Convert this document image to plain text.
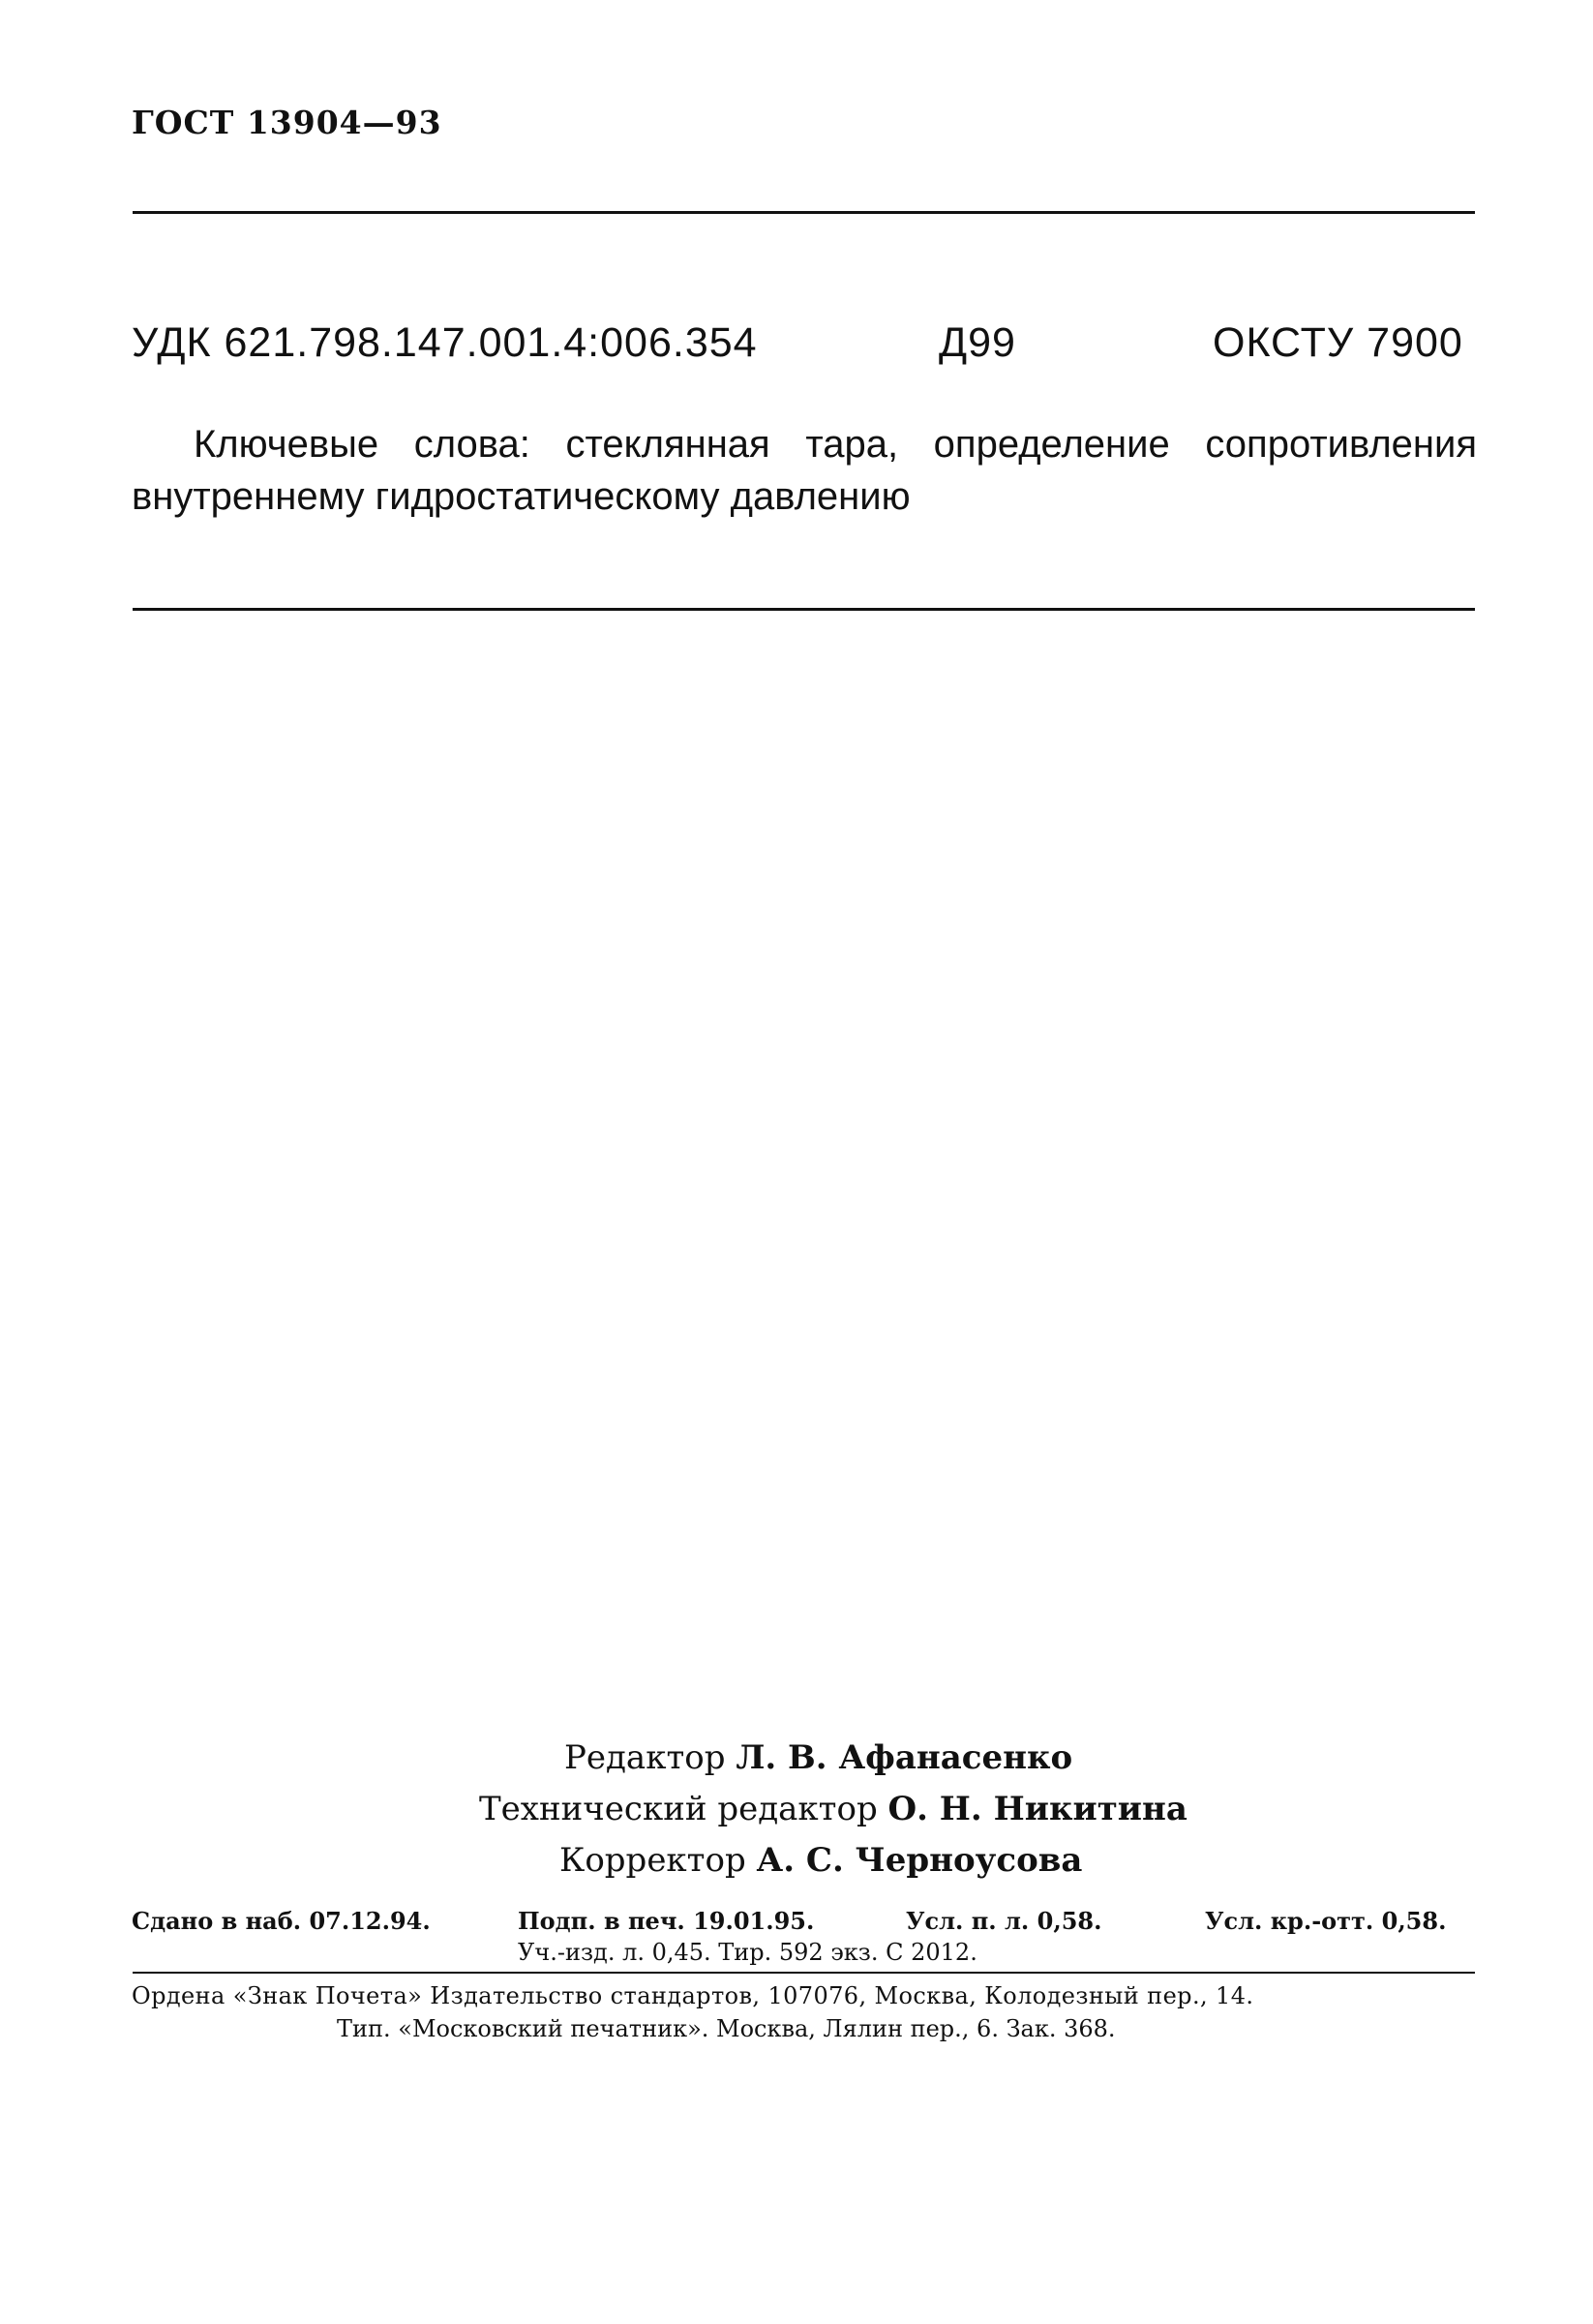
ГОСТ 13904—93
УДК 621.798.147.001.4:006.354	Д99	ОКСТУ 7900
Ключевые слова: стеклянная тара, определение сопротивления
внутреннему гидростатическому давлению
Редактор Л. В. Афанасенко
Технический редактор О. Н. Никитина
Корректор А. С. Черноусова
Сдано в наб. 07.12.94.	Подп. в печ. 19.01.95.	Усл. п. л. 0,58.	Усл. кр.-отт. 0,58.
Уч.-изд. л. 0,45. Тир. 592 экз. С 2012.
Ордена «Знак Почета» Издательство стандартов, 107076, Москва, Колодезный пер., 14.
Тип. «Московский печатник». Москва, Лялин пер., 6. Зак. 368.
